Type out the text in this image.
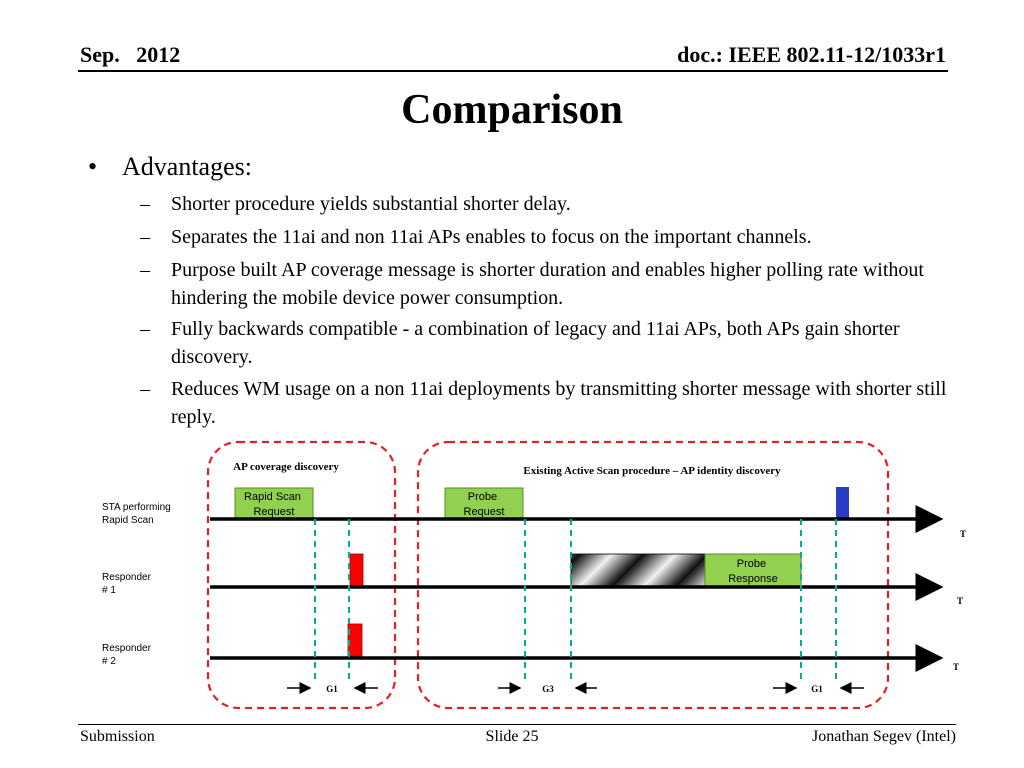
Sep.   2012	doc.: IEEE 802.11-12/1033r1
Comparison
• Advantages:
– Shorter procedure yields substantial shorter delay.
– Separates the 11ai and non 11ai APs enables to focus on the important channels.
– Purpose built AP coverage message is shorter duration and enables higher polling rate without hindering the mobile device power consumption.
– Fully backwards compatible - a combination of legacy and 11ai APs, both APs gain shorter discovery.
– Reduces WM usage on a non 11ai deployments by transmitting shorter message with shorter still reply.
AP coverage discovery	Existing Active Scan procedure – AP identity discovery
STA performing Rapid Scan
Responder # 1
Responder # 2
Rapid Scan Request
Probe Request
Probe Response
T
T
T
G1	G3	G1
Submission	Slide 25	Jonathan Segev (Intel)
